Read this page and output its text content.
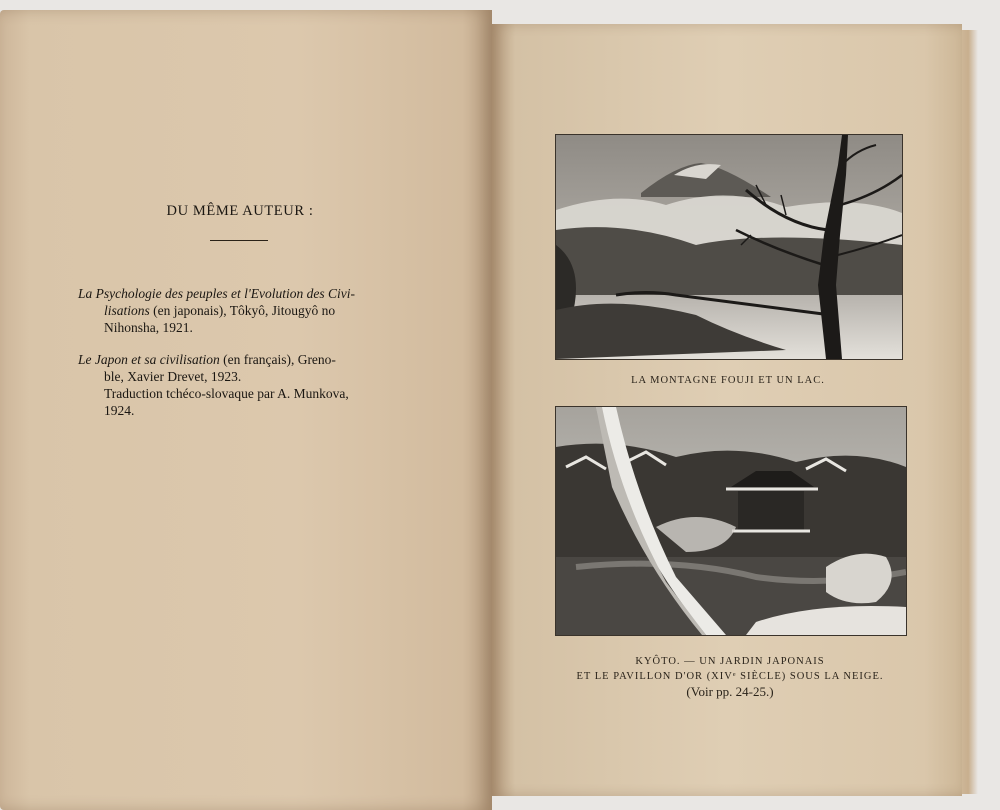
DU MÊME AUTEUR :

La Psychologie des peuples et l'Evolution des Civi-

lisations (en japonais), Tôkyô, Jitougyô no

Nihonsha, 1921.

Le Japon et sa civilisation (en français), Greno-

ble, Xavier Drevet, 1923.

Traduction tchéco-slovaque par A. Munkova,

1924.

LA MONTAGNE FOUJI ET UN LAC.
KYÔTO. — UN JARDIN JAPONAIS
ET LE PAVILLON D'OR (XIVᵉ SIÈCLE) SOUS LA NEIGE.
(Voir pp. 24-25.)
